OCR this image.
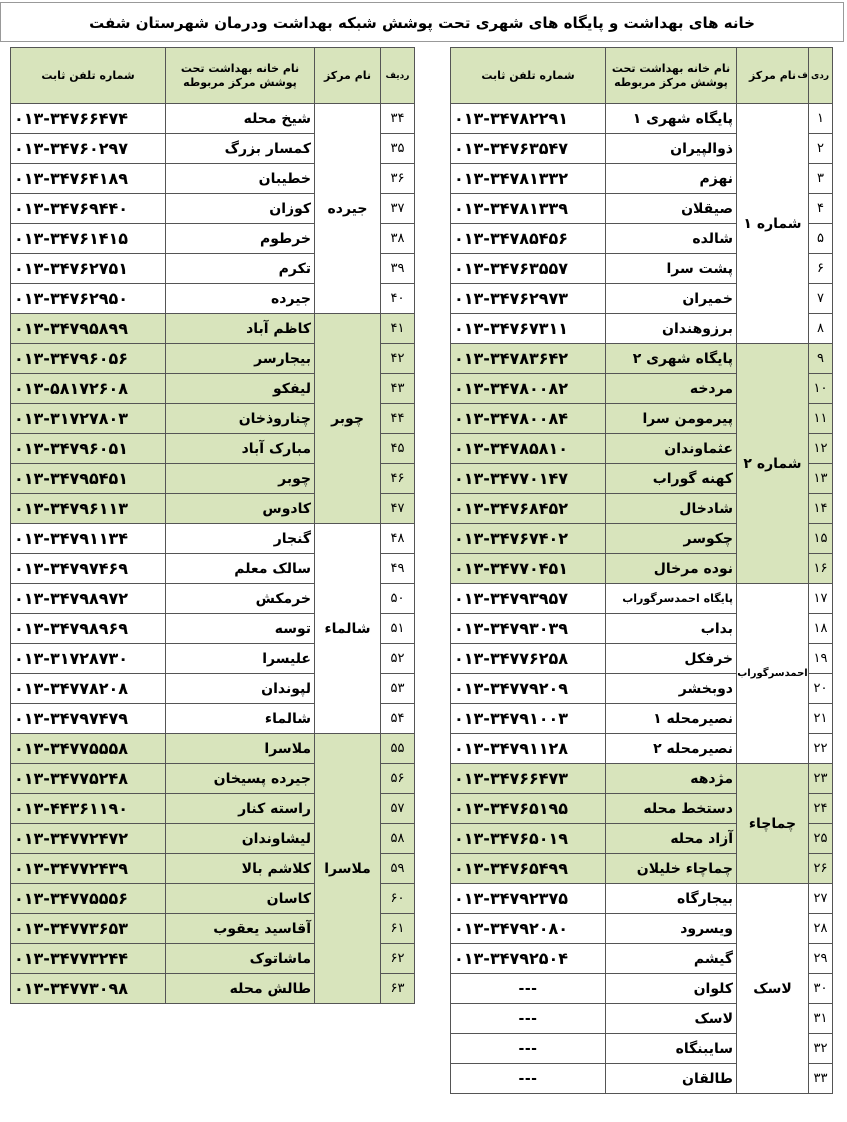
خانه های بهداشت و پایگاه های شهری تحت پوشش شبکه بهداشت ودرمان شهرستان شفت
ردی ف	نام مرکز	نام خانه بهداشت تحت پوشش مرکز مربوطه	شماره تلفن ثابت
۱	شماره ۱	پایگاه شهری ۱	۰۱۳-۳۴۷۸۲۲۹۱
۲		ذوالپیران	۰۱۳-۳۴۷۶۳۵۴۷
۳		نهزم	۰۱۳-۳۴۷۸۱۳۳۲
۴		صیقلان	۰۱۳-۳۴۷۸۱۳۳۹
۵		شالده	۰۱۳-۳۴۷۸۵۴۵۶
۶		پشت سرا	۰۱۳-۳۴۷۶۳۵۵۷
۷		خمیران	۰۱۳-۳۴۷۶۲۹۷۳
۸		برزوهندان	۰۱۳-۳۴۷۶۷۳۱۱
۹	شماره ۲	پایگاه شهری ۲	۰۱۳-۳۴۷۸۳۶۴۲
۱۰		مردخه	۰۱۳-۳۴۷۸۰۰۸۲
۱۱		پیرمومن سرا	۰۱۳-۳۴۷۸۰۰۸۴
۱۲		عثماوندان	۰۱۳-۳۴۷۸۵۸۱۰
۱۳		کهنه گوراب	۰۱۳-۳۴۷۷۰۱۴۷
۱۴		شادخال	۰۱۳-۳۴۷۶۸۴۵۲
۱۵		چکوسر	۰۱۳-۳۴۷۶۷۴۰۲
۱۶		نوده مرخال	۰۱۳-۳۴۷۷۰۴۵۱
۱۷	احمدسرگوراب	پایگاه احمدسرگوراب	۰۱۳-۳۴۷۹۳۹۵۷
۱۸		بداب	۰۱۳-۳۴۷۹۳۰۳۹
۱۹		خرفکل	۰۱۳-۳۴۷۷۶۲۵۸
۲۰		دوبخشر	۰۱۳-۳۴۷۷۹۲۰۹
۲۱		نصیرمحله ۱	۰۱۳-۳۴۷۹۱۰۰۳
۲۲		نصیرمحله ۲	۰۱۳-۳۴۷۹۱۱۲۸
۲۳	چماچاء	مژدهه	۰۱۳-۳۴۷۶۶۴۷۳
۲۴		دستخط محله	۰۱۳-۳۴۷۶۵۱۹۵
۲۵		آزاد محله	۰۱۳-۳۴۷۶۵۰۱۹
۲۶		چماچاء خلیلان	۰۱۳-۳۴۷۶۵۴۹۹
۲۷	لاسک	بیجارگاه	۰۱۳-۳۴۷۹۲۳۷۵
۲۸		ویسرود	۰۱۳-۳۴۷۹۲۰۸۰
۲۹		گیشم	۰۱۳-۳۴۷۹۲۵۰۴
۳۰		کلوان	---
۳۱		لاسک	---
۳۲		سایبنگاه	---
۳۳		طالقان	---
ردیف	نام مرکز	نام خانه بهداشت تحت پوشش مرکز مربوطه	شماره تلفن ثابت
۳۴	جیرده	شیخ محله	۰۱۳-۳۴۷۶۶۴۷۴
۳۵		کمسار بزرگ	۰۱۳-۳۴۷۶۰۲۹۷
۳۶		خطیبان	۰۱۳-۳۴۷۶۴۱۸۹
۳۷		کوزان	۰۱۳-۳۴۷۶۹۴۴۰
۳۸		خرطوم	۰۱۳-۳۴۷۶۱۴۱۵
۳۹		تکرم	۰۱۳-۳۴۷۶۲۷۵۱
۴۰		جیرده	۰۱۳-۳۴۷۶۲۹۵۰
۴۱	چوبر	کاظم آباد	۰۱۳-۳۴۷۹۵۸۹۹
۴۲		بیجارسر	۰۱۳-۳۴۷۹۶۰۵۶
۴۳		لیفکو	۰۱۳-۵۸۱۷۲۶۰۸
۴۴		چناروذخان	۰۱۳-۳۱۷۲۷۸۰۳
۴۵		مبارک آباد	۰۱۳-۳۴۷۹۶۰۵۱
۴۶		چوبر	۰۱۳-۳۴۷۹۵۴۵۱
۴۷		کادوس	۰۱۳-۳۴۷۹۶۱۱۳
۴۸	شالماء	گنجار	۰۱۳-۳۴۷۹۱۱۳۴
۴۹		سالک معلم	۰۱۳-۳۴۷۹۷۴۶۹
۵۰		خرمکش	۰۱۳-۳۴۷۹۸۹۷۲
۵۱		توسه	۰۱۳-۳۴۷۹۸۹۶۹
۵۲		علیسرا	۰۱۳-۳۱۷۲۸۷۳۰
۵۳		لپوندان	۰۱۳-۳۴۷۷۸۲۰۸
۵۴		شالماء	۰۱۳-۳۴۷۹۷۴۷۹
۵۵	ملاسرا	ملاسرا	۰۱۳-۳۴۷۷۵۵۵۸
۵۶		جیرده پسیخان	۰۱۳-۳۴۷۷۵۲۴۸
۵۷		راسته کنار	۰۱۳-۴۴۳۶۱۱۹۰
۵۸		لیشاوندان	۰۱۳-۳۴۷۷۲۴۷۲
۵۹		کلاشم بالا	۰۱۳-۳۴۷۷۲۴۳۹
۶۰		کاسان	۰۱۳-۳۴۷۷۵۵۵۶
۶۱		آقاسید یعقوب	۰۱۳-۳۴۷۷۳۶۵۳
۶۲		ماشاتوک	۰۱۳-۳۴۷۷۳۲۴۴
۶۳		طالش محله	۰۱۳-۳۴۷۷۳۰۹۸
